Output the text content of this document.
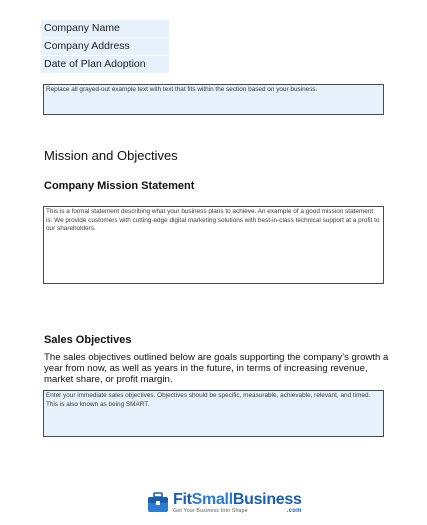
Company Name
Company Address
Date of Plan Adoption
Replace all grayed-out example text with text that fits within the section based on your business.
Mission and Objectives
Company Mission Statement
This is a formal statement describing what your business plans to achieve. An example of a good mission statement is: We provide customers with cutting-edge digital marketing solutions with best-in-class technical support at a profit to our shareholders.
Sales Objectives
The sales objectives outlined below are goals supporting the company’s growth a year from now, as well as years in the future, in terms of increasing revenue, market share, or profit margin.
Enter your immediate sales objectives. Objectives should be specific, measurable, achievable, relevant, and timed. This is also known as being SMART.
FitSmallBusiness
Get Your Business Into Shape	.com
